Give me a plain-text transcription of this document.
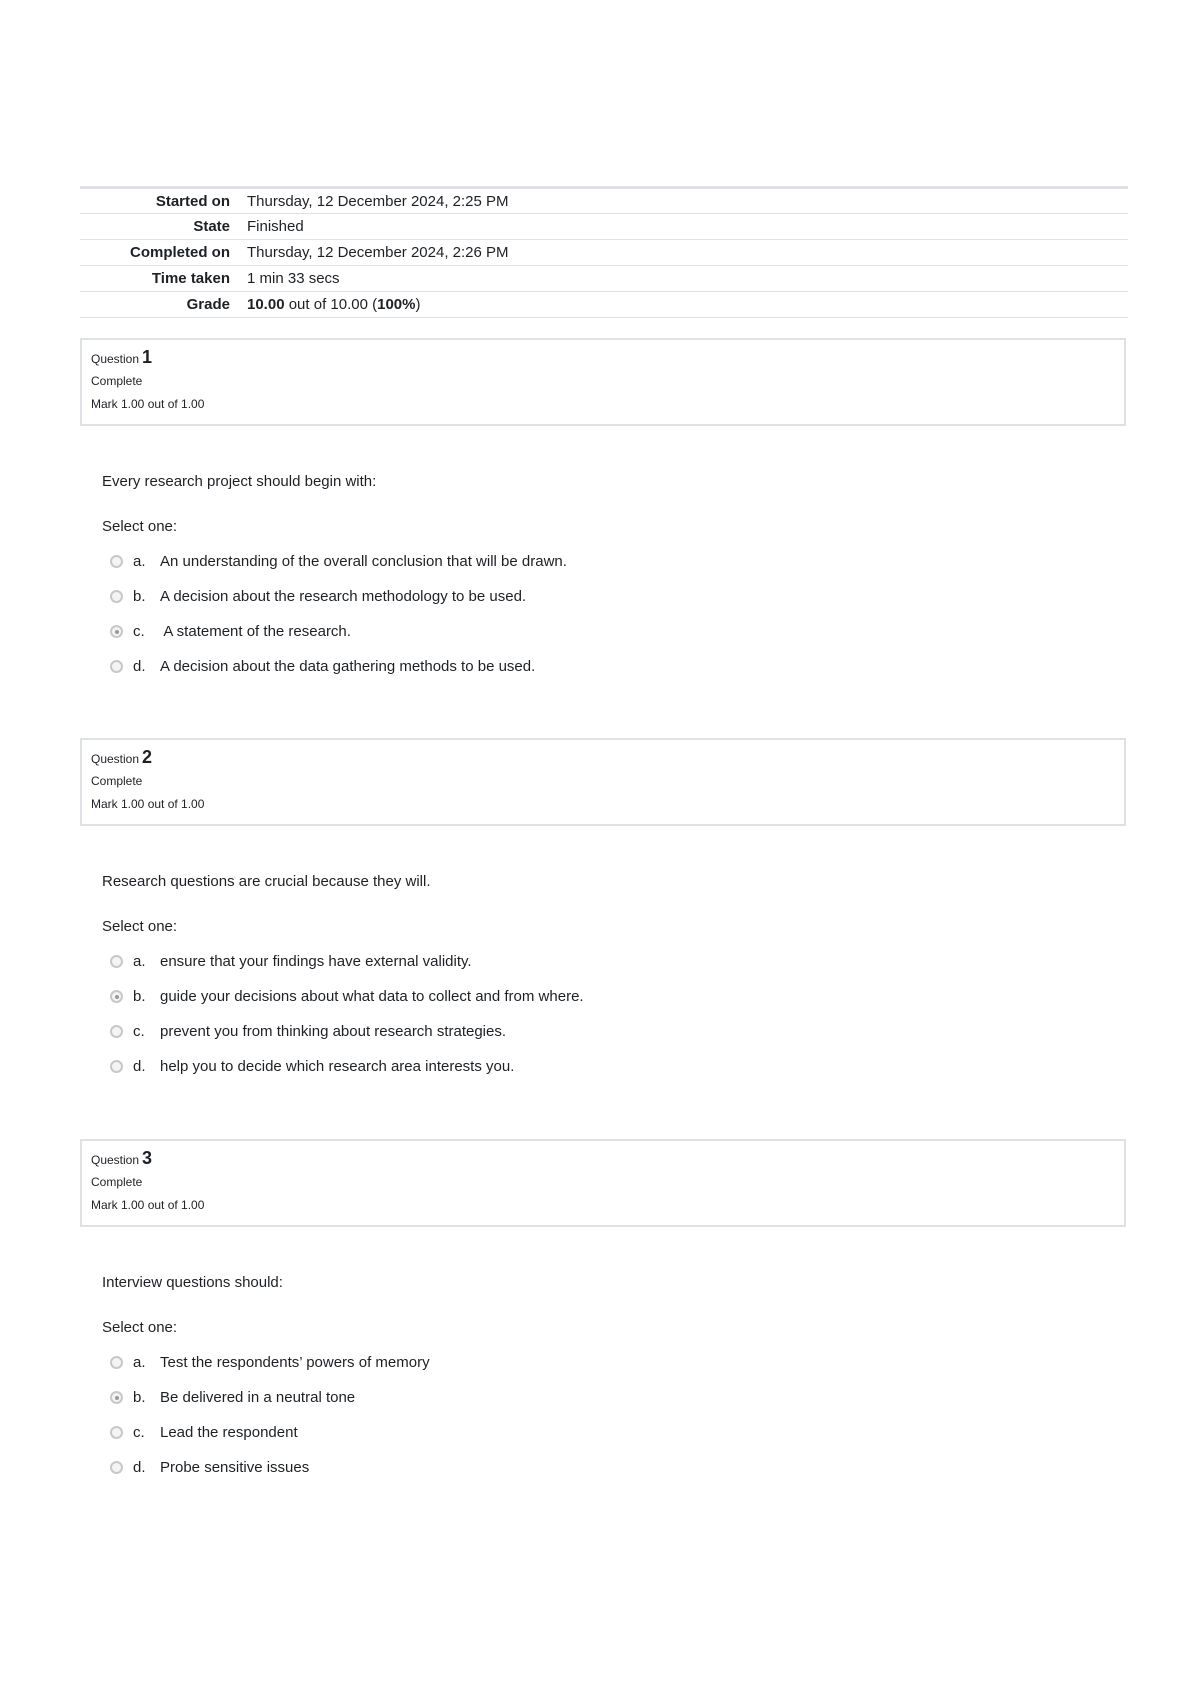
Started on	Thursday, 12 December 2024, 2:25 PM
State	Finished
Completed on	Thursday, 12 December 2024, 2:26 PM
Time taken	1 min 33 secs
Grade	10.00 out of 10.00 (100%)
Question 1
Complete
Mark 1.00 out of 1.00
Every research project should begin with:
Select one:
a. An understanding of the overall conclusion that will be drawn.
b. A decision about the research methodology to be used.
c.	A statement of the research.
d. A decision about the data gathering methods to be used.
Question 2
Complete
Mark 1.00 out of 1.00
Research questions are crucial because they will.
Select one:
a. ensure that your findings have external validity.
b. guide your decisions about what data to collect and from where.
c.	prevent you from thinking about research strategies.
d. help you to decide which research area interests you.
Question 3
Complete
Mark 1.00 out of 1.00
Interview questions should:
Select one:
a. Test the respondents’ powers of memory
b. Be delivered in a neutral tone
c.	Lead the respondent
d. Probe sensitive issues
